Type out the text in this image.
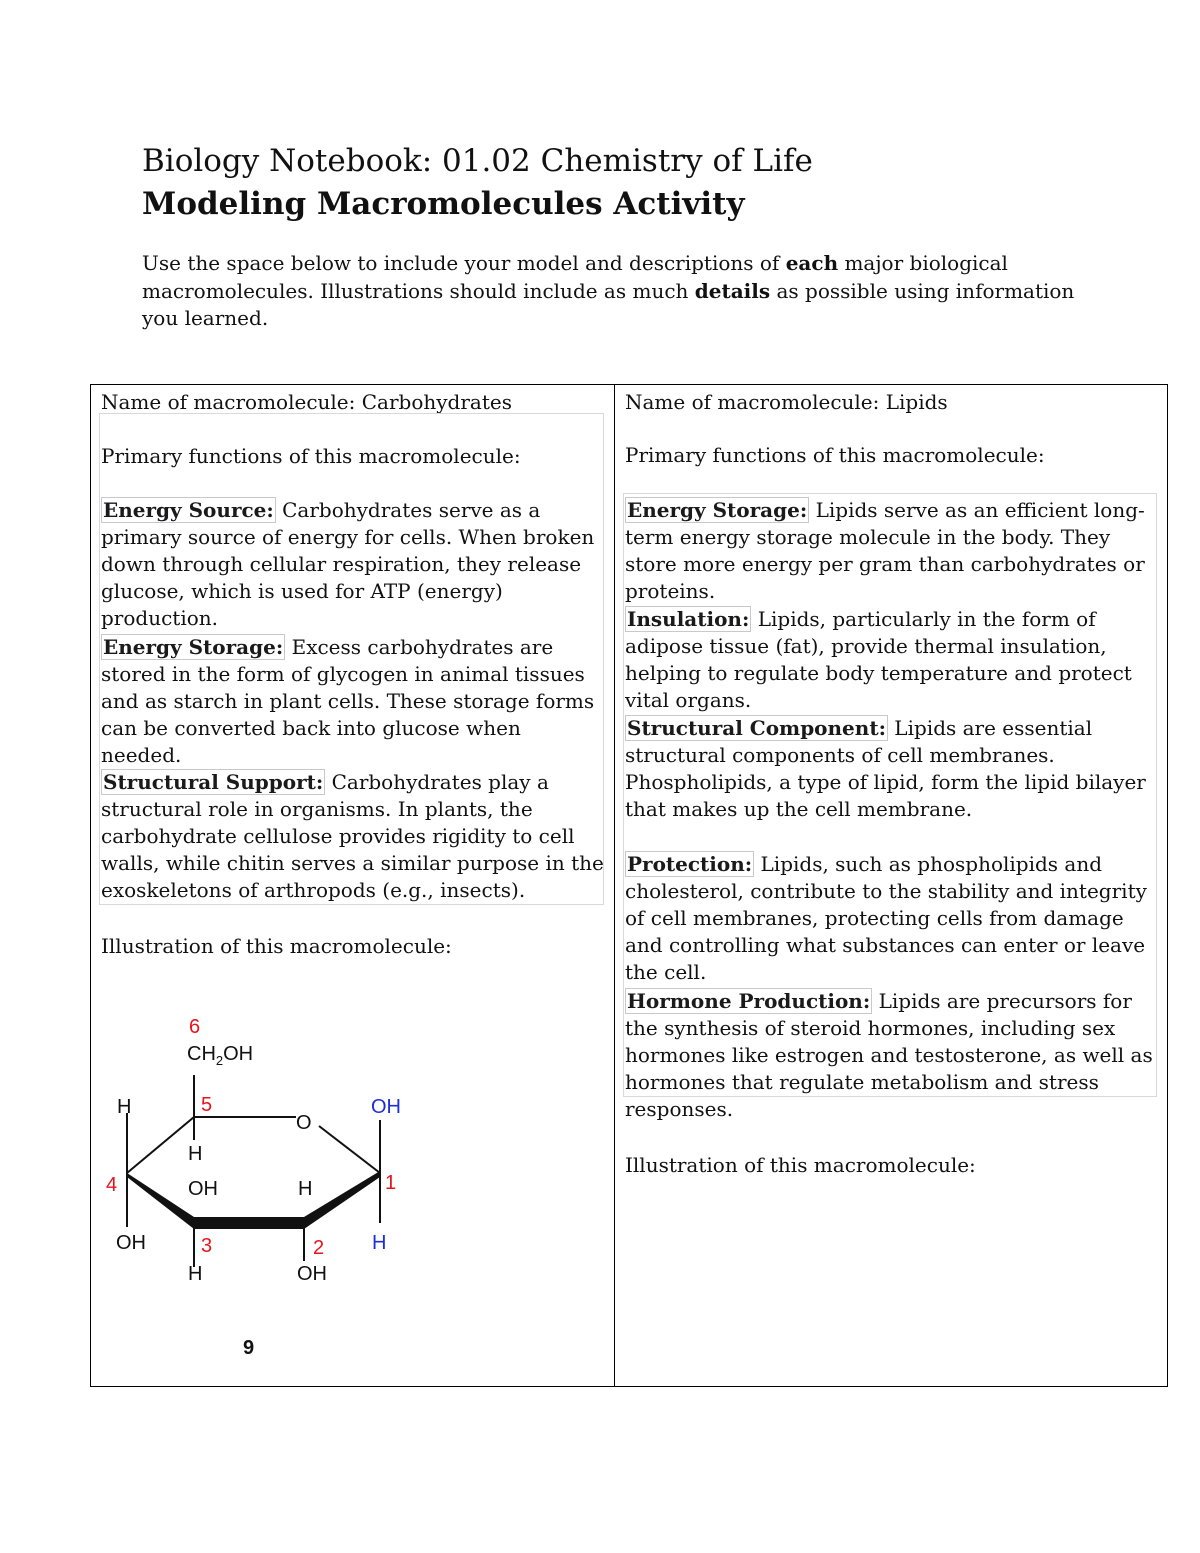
Biology Notebook: 01.02 Chemistry of Life
Modeling Macromolecules Activity

Use the space below to include your model and descriptions of each major biological macromolecules. Illustrations should include as much details as possible using information you learned.

Name of macromolecule: Carbohydrates

Primary functions of this macromolecule:

Energy Source: Carbohydrates serve as a primary source of energy for cells. When broken down through cellular respiration, they release glucose, which is used for ATP (energy) production.

Energy Storage: Excess carbohydrates are stored in the form of glycogen in animal tissues and as starch in plant cells. These storage forms can be converted back into glucose when needed.

Structural Support: Carbohydrates play a structural role in organisms. In plants, the carbohydrate cellulose provides rigidity to cell walls, while chitin serves a similar purpose in the exoskeletons of arthropods (e.g., insects).

Illustration of this macromolecule:

Name of macromolecule: Lipids

Primary functions of this macromolecule:

Energy Storage: Lipids serve as an efficient long-term energy storage molecule in the body. They store more energy per gram than carbohydrates or proteins.

Insulation: Lipids, particularly in the form of adipose tissue (fat), provide thermal insulation, helping to regulate body temperature and protect vital organs.

Structural Component: Lipids are essential structural components of cell membranes. Phospholipids, a type of lipid, form the lipid bilayer that makes up the cell membrane.

Protection: Lipids, such as phospholipids and cholesterol, contribute to the stability and integrity of cell membranes, protecting cells from damage and controlling what substances can enter or leave the cell.

Hormone Production: Lipids are precursors for the synthesis of steroid hormones, including sex hormones like estrogen and testosterone, as well as hormones that regulate metabolism and stress responses.

Illustration of this macromolecule:

6
$CH_2OH$
H	5
O
OH
H
4	OH	H	1
OH	3	2 H
H	OH
9
